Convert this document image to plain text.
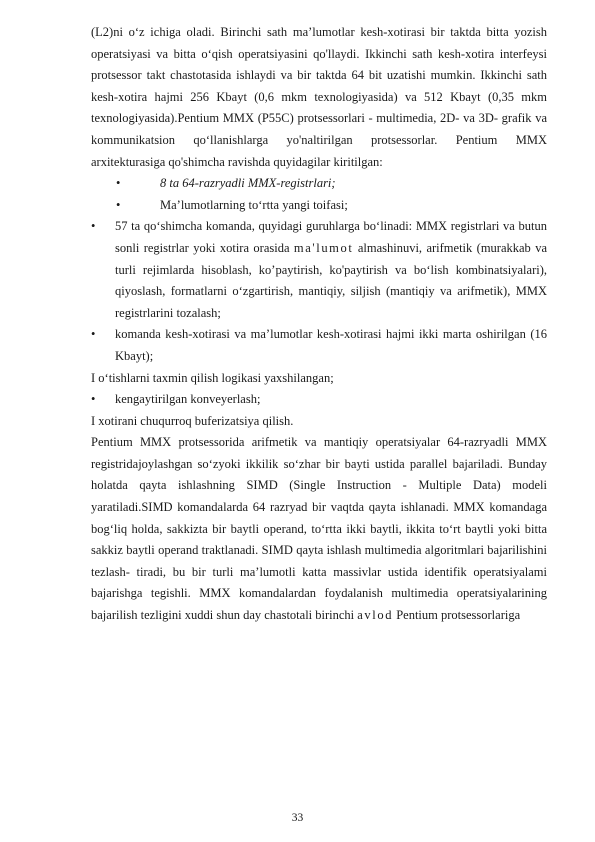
(L2)ni o‘z ichiga oladi. Birinchi sath ma’lumotlar kesh-xotirasi bir taktda bitta yozish operatsiyasi va bitta o‘qish operatsiyasini qo'llaydi. Ikkinchi sath kesh-xotira interfeysi protsessor takt chastotasida ishlaydi va bir taktda 64 bit uzatishi mumkin. Ikkinchi sath kesh-xotira hajmi 256 Kbayt (0,6 mkm texnologiyasida) va 512 Kbayt (0,35 mkm texnologiyasida).Pentium MMX (P55C) protsessorlari - multimedia, 2D- va 3D- grafik va kommunikatsion qo‘llanishlarga yo'naltirilgan protsessorlar. Pentium MMX arxitekturasiga qo'shimcha ravishda quyidagilar kiritilgan:

•	8 ta 64-razryadli MMX-registrlari;
•	Ma’lumotlarning to‘rtta yangi toifasi;
•	57 ta qo‘shimcha komanda, quyidagi guruhlarga bo‘linadi: MMX registrlari va butun sonli registrlar yoki xotira orasida ma'lumot almashinuvi, arifmetik (murakkab va turli rejimlarda hisoblash, ko’paytirish, ko'paytirish va bo‘lish kombinatsiyalari), qiyoslash, formatlarni o‘zgartirish, mantiqiy, siljish (mantiqiy va arifmetik), MMX registrlarini tozalash;
•	komanda kesh-xotirasi va ma’lumotlar kesh-xotirasi hajmi ikki marta oshirilgan (16 Kbayt);

I o‘tishlarni taxmin qilish logikasi yaxshilangan;

•	kengaytirilgan konveyerlash;

I xotirani chuqurroq buferizatsiya qilish.

Pentium MMX protsessorida arifmetik va mantiqiy operatsiyalar 64-razryadli MMX registridajoylashgan so‘zyoki ikkilik so‘zhar bir bayti ustida parallel bajariladi. Bunday holatda qayta ishlashning SIMD (Single Instruction - Multiple Data) modeli yaratiladi.SIMD komandalarda 64 razryad bir vaqtda qayta ishlanadi. MMX komandaga bog‘liq holda, sakkizta bir baytli operand, to‘rtta ikki baytli, ikkita to‘rt baytli yoki bitta sakkiz baytli operand traktlanadi. SIMD qayta ishlash multimedia algoritmlari bajarilishini tezlash- tiradi, bu bir turli ma’lumotli katta massivlar ustida identifik operatsiyalami bajarishga tegishli. MMX komandalardan foydalanish multimedia operatsiyalarining bajarilish tezligini xuddi shun day chastotali birinchi avlod Pentium protsessorlariga

33
